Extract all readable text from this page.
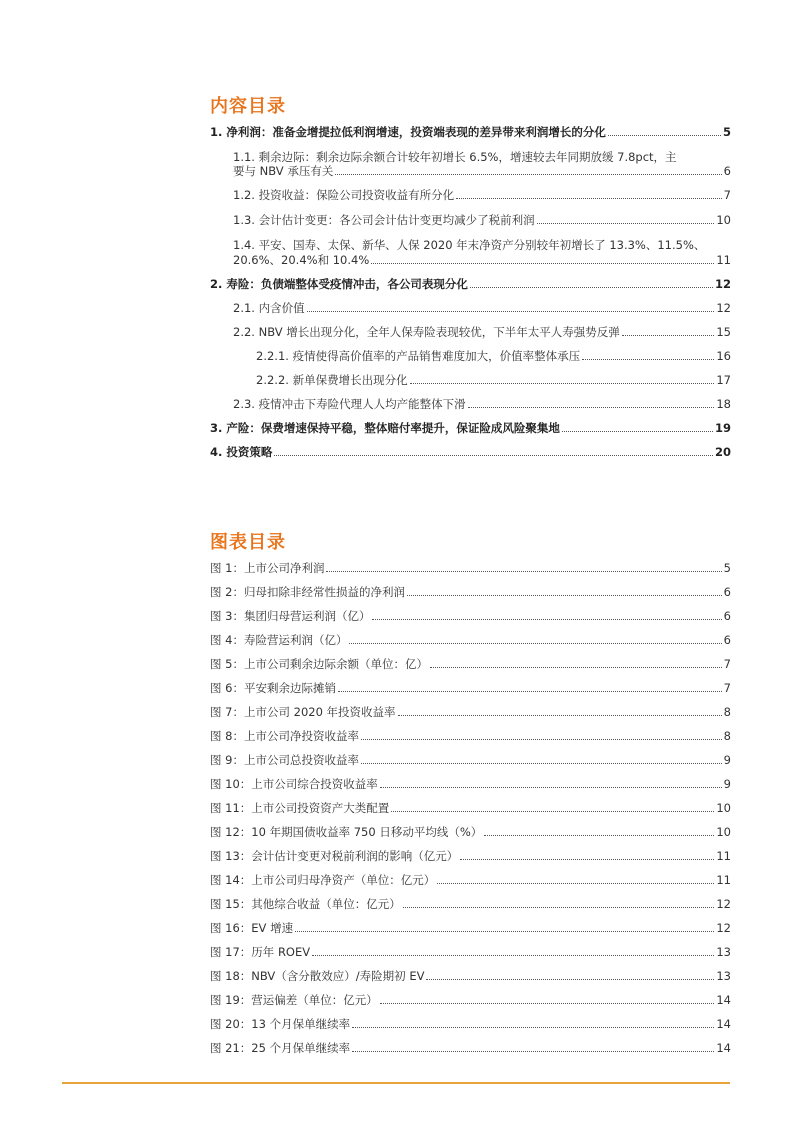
内容目录
1. 净利润：准备金增提拉低利润增速，投资端表现的差异带来利润增长的分化	5
1.1. 剩余边际：剩余边际余额合计较年初增长 6.5%，增速较去年同期放缓 7.8pct，主
要与 NBV 承压有关	6
1.2. 投资收益：保险公司投资收益有所分化	7
1.3. 会计估计变更：各公司会计估计变更均减少了税前利润	10
1.4. 平安、国寿、太保、新华、人保 2020 年末净资产分别较年初增长了 13.3%、11.5%、
20.6%、20.4%和 10.4%	11
2. 寿险：负债端整体受疫情冲击，各公司表现分化	12
2.1. 内含价值	12
2.2. NBV 增长出现分化，全年人保寿险表现较优，下半年太平人寿强势反弹	15
2.2.1. 疫情使得高价值率的产品销售难度加大，价值率整体承压	16
2.2.2. 新单保费增长出现分化	17
2.3. 疫情冲击下寿险代理人人均产能整体下滑	18
3. 产险：保费增速保持平稳，整体赔付率提升，保证险成风险聚集地	19
4. 投资策略	20
图表目录
图 1：上市公司净利润	5
图 2：归母扣除非经常性损益的净利润	6
图 3：集团归母营运利润（亿）	6
图 4：寿险营运利润（亿）	6
图 5：上市公司剩余边际余额（单位：亿）	7
图 6：平安剩余边际摊销	7
图 7：上市公司 2020 年投资收益率	8
图 8：上市公司净投资收益率	8
图 9：上市公司总投资收益率	9
图 10：上市公司综合投资收益率	9
图 11：上市公司投资资产大类配置	10
图 12：10 年期国债收益率 750 日移动平均线（%）	10
图 13：会计估计变更对税前利润的影响（亿元）	11
图 14：上市公司归母净资产（单位：亿元）	11
图 15：其他综合收益（单位：亿元）	12
图 16：EV 增速	12
图 17：历年 ROEV	13
图 18：NBV（含分散效应）/寿险期初 EV	13
图 19：营运偏差（单位：亿元）	14
图 20：13 个月保单继续率	14
图 21：25 个月保单继续率	14
